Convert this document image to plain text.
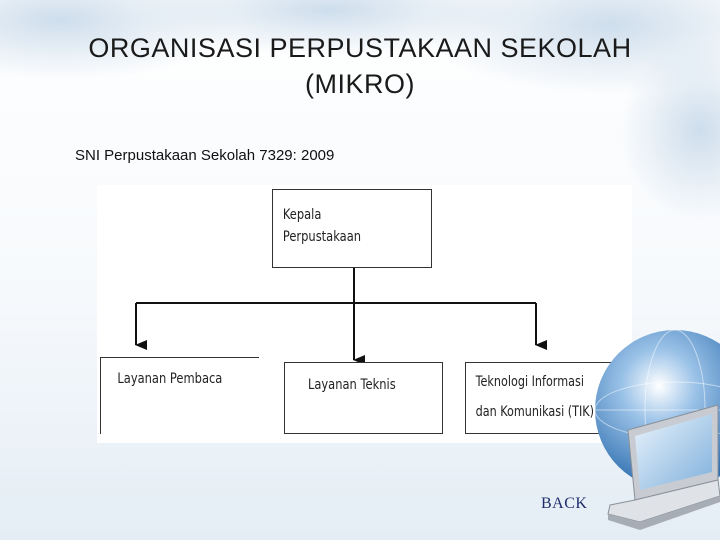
ORGANISASI PERPUSTAKAAN SEKOLAH
(MIKRO)
SNI Perpustakaan Sekolah 7329: 2009
Kepala Perpustakaan
Layanan Pembaca	Layanan Teknis	Teknologi Informasi
dan Komunikasi (TIK)
BACK
